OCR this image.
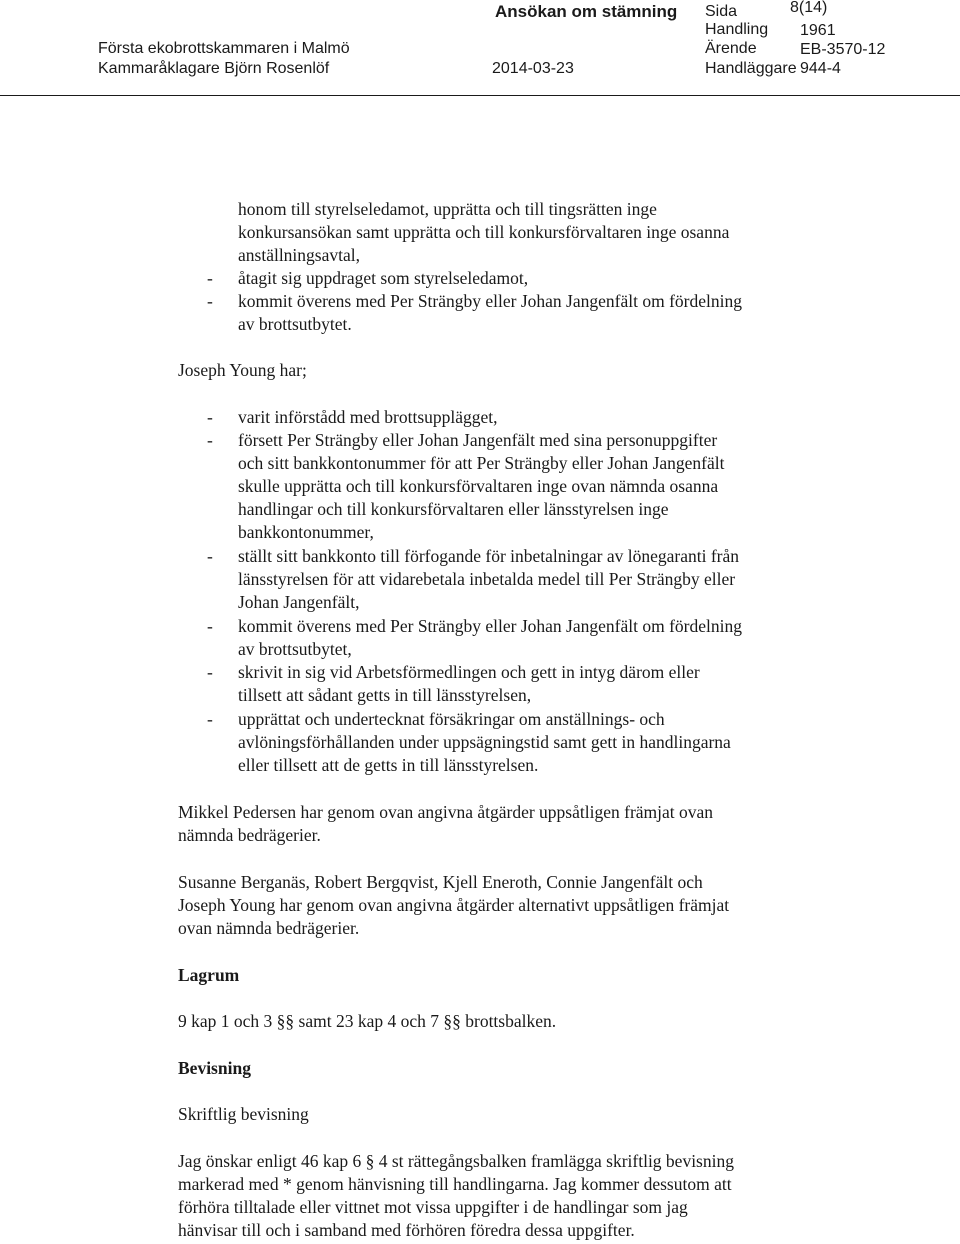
Ansökan om stämning Sida	8(14)
Handling 1961
Första ekobrottskammaren i Malmö	Ärende	EB-3570-12
Kammaråklagare Björn Rosenlöf	2014-03-23	Handläggare 944-4
honom till styrelseledamot, upprätta och till tingsrätten inge
konkursansökan samt upprätta och till konkursförvaltaren inge osanna
anställningsavtal,
- åtagit sig uppdraget som styrelseledamot,
- kommit överens med Per Strängby eller Johan Jangenfält om fördelning
av brottsutbytet.
Joseph Young har;
- varit införstådd med brottsupplägget,
- försett Per Strängby eller Johan Jangenfält med sina personuppgifter
och sitt bankkontonummer för att Per Strängby eller Johan Jangenfält
skulle upprätta och till konkursförvaltaren inge ovan nämnda osanna
handlingar och till konkursförvaltaren eller länsstyrelsen inge
bankkontonummer,
- ställt sitt bankkonto till förfogande för inbetalningar av lönegaranti från
länsstyrelsen för att vidarebetala inbetalda medel till Per Strängby eller
Johan Jangenfält,
- kommit överens med Per Strängby eller Johan Jangenfält om fördelning
av brottsutbytet,
- skrivit in sig vid Arbetsförmedlingen och gett in intyg därom eller
tillsett att sådant getts in till länsstyrelsen,
- upprättat och undertecknat försäkringar om anställnings- och
avlöningsförhållanden under uppsägningstid samt gett in handlingarna
eller tillsett att de getts in till länsstyrelsen.
Mikkel Pedersen har genom ovan angivna åtgärder uppsåtligen främjat ovan
nämnda bedrägerier.
Susanne Berganäs, Robert Bergqvist, Kjell Eneroth, Connie Jangenfält och
Joseph Young har genom ovan angivna åtgärder alternativt uppsåtligen främjat
ovan nämnda bedrägerier.
Lagrum
9 kap 1 och 3 §§ samt 23 kap 4 och 7 §§ brottsbalken.
Bevisning
Skriftlig bevisning
Jag önskar enligt 46 kap 6 § 4 st rättegångsbalken framlägga skriftlig bevisning
markerad med * genom hänvisning till handlingarna. Jag kommer dessutom att
förhöra tilltalade eller vittnet mot vissa uppgifter i de handlingar som jag
hänvisar till och i samband med förhören föredra dessa uppgifter.
